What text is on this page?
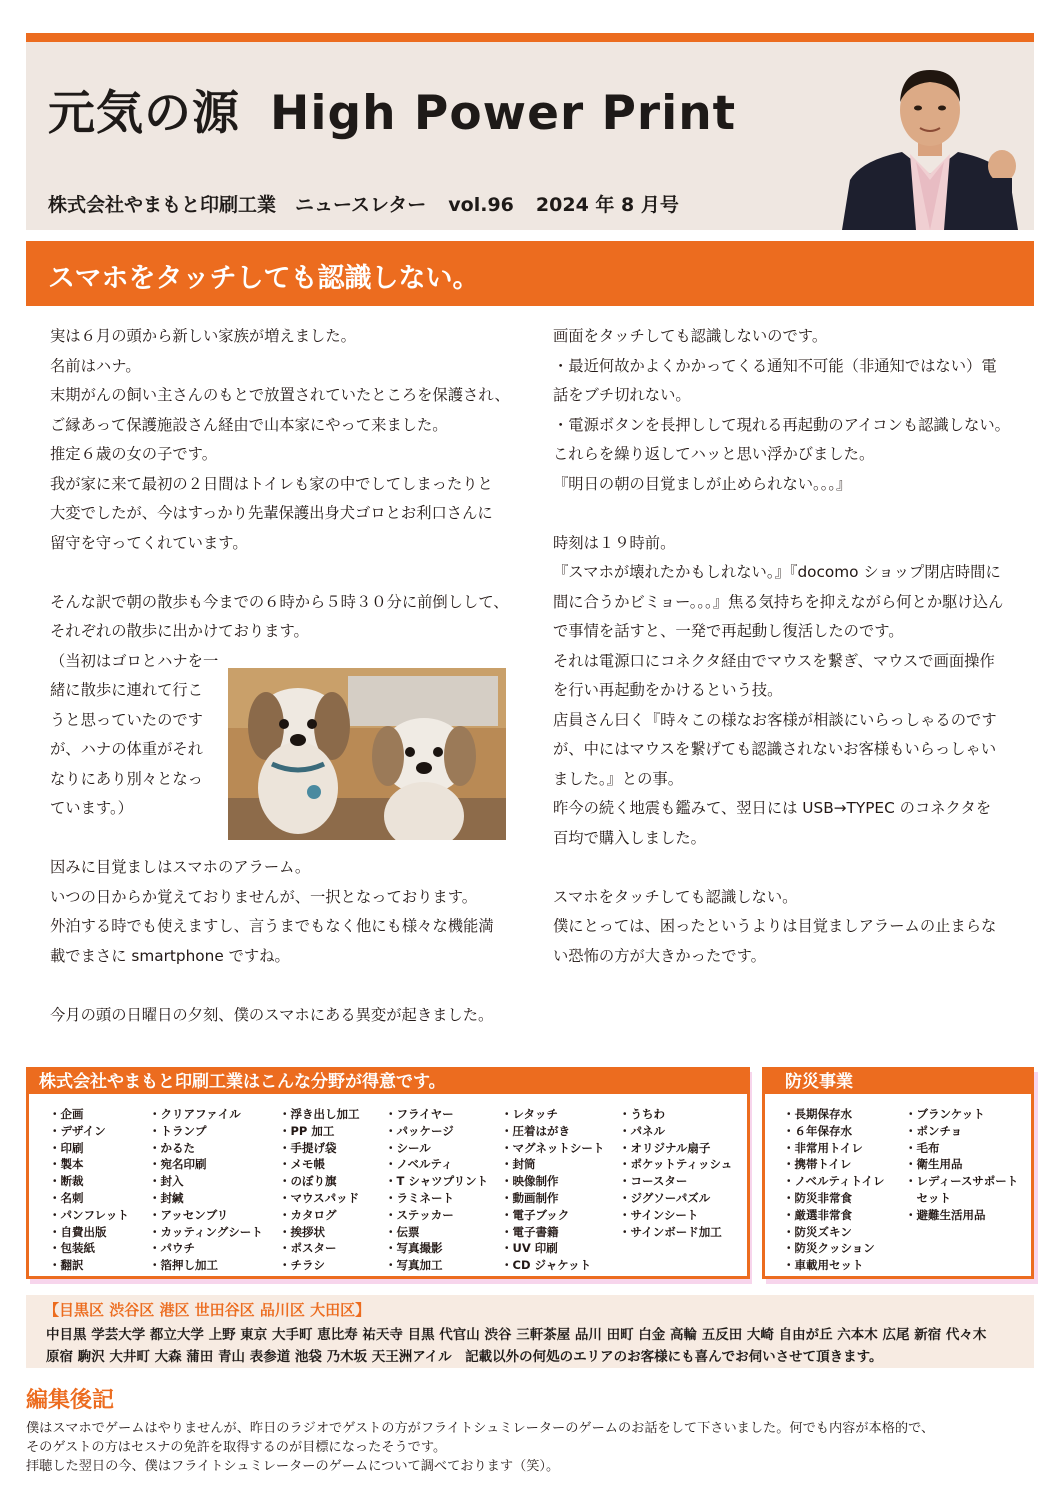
元気の源 High Power Print
株式会社やまもと印刷工業　ニュースレター vol.96 2024 年 8 月号
スマホをタッチしても認識しない。

実は６月の頭から新しい家族が増えました。

名前はハナ。

末期がんの飼い主さんのもとで放置されていたところを保護され、

ご縁あって保護施設さん経由で山本家にやって来ました。

推定６歳の女の子です。

我が家に来て最初の２日間はトイレも家の中でしてしまったりと

大変でしたが、今はすっかり先輩保護出身犬ゴロとお利口さんに

留守を守ってくれています。

そんな訳で朝の散歩も今までの６時から５時３０分に前倒しして、

それぞれの散歩に出かけております。

（当初はゴロとハナを一

緒に散歩に連れて行こ

うと思っていたのです

が、ハナの体重がそれ

なりにあり別々となっ

ています。）

因みに目覚ましはスマホのアラーム。

いつの日からか覚えておりませんが、一択となっております。

外泊する時でも使えますし、言うまでもなく他にも様々な機能満

載でまさに smartphone ですね。

今月の頭の日曜日の夕刻、僕のスマホにある異変が起きました。

画面をタッチしても認識しないのです。

・最近何故かよくかかってくる通知不可能（非通知ではない）電

話をブチ切れない。

・電源ボタンを長押しして現れる再起動のアイコンも認識しない。

これらを繰り返してハッと思い浮かびました。

『明日の朝の目覚ましが止められない。。。』

時刻は１９時前。

『スマホが壊れたかもしれない。』『docomo ショップ閉店時間に

間に合うかビミョー。。。』焦る気持ちを抑えながら何とか駆け込ん

で事情を話すと、一発で再起動し復活したのです。

それは電源口にコネクタ経由でマウスを繋ぎ、マウスで画面操作

を行い再起動をかけるという技。

店員さん曰く『時々この様なお客様が相談にいらっしゃるのです

が、中にはマウスを繋げても認識されないお客様もいらっしゃい

ました。』との事。

昨今の続く地震も鑑みて、翌日には USB→TYPEC のコネクタを

百均で購入しました。

スマホをタッチしても認識しない。

僕にとっては、困ったというよりは目覚ましアラームの止まらな

い恐怖の方が大きかったです。

株式会社やまもと印刷工業はこんな分野が得意です。
・企画
・デザイン
・印刷
・製本
・断裁
・名刺
・パンフレット
・自費出版
・包装紙
・翻訳
・クリアファイル
・トランプ
・かるた
・宛名印刷
・封入
・封緘
・アッセンブリ
・カッティングシート
・パウチ
・箔押し加工
・浮き出し加工
・PP 加工
・手提げ袋
・メモ帳
・のぼり旗
・マウスパッド
・カタログ
・挨拶状
・ポスター
・チラシ
・フライヤー
・パッケージ
・シール
・ノベルティ
・T シャツプリント
・ラミネート
・ステッカー
・伝票
・写真撮影
・写真加工
・レタッチ
・圧着はがき
・マグネットシート
・封筒
・映像制作
・動画制作
・電子ブック
・電子書籍
・UV 印刷
・CD ジャケット
・うちわ
・パネル
・オリジナル扇子
・ポケットティッシュ
・コースター
・ジグソーパズル
・サインシート
・サインボード加工
防災事業
・長期保存水
・６年保存水
・非常用トイレ
・携帯トイレ
・ノベルティトイレ
・防災非常食
・厳選非常食
・防災ズキン
・防災クッション
・車載用セット
・ブランケット
・ポンチョ
・毛布
・衛生用品
・レディースサポート
　セット
・避難生活用品
【目黒区 渋谷区 港区 世田谷区 品川区 大田区】
中目黒 学芸大学 都立大学 上野 東京 大手町 恵比寿 祐天寺 目黒 代官山 渋谷 三軒茶屋 品川 田町 白金 高輪 五反田 大崎 自由が丘 六本木 広尾 新宿 代々木
原宿 駒沢 大井町 大森 蒲田 青山 表参道 池袋 乃木坂 天王洲アイル　記載以外の何処のエリアのお客様にも喜んでお伺いさせて頂きます。
編集後記
僕はスマホでゲームはやりませんが、昨日のラジオでゲストの方がフライトシュミレーターのゲームのお話をして下さいました。何でも内容が本格的で、
そのゲストの方はセスナの免許を取得するのが目標になったそうです。
拝聴した翌日の今、僕はフライトシュミレーターのゲームについて調べております（笑）。
